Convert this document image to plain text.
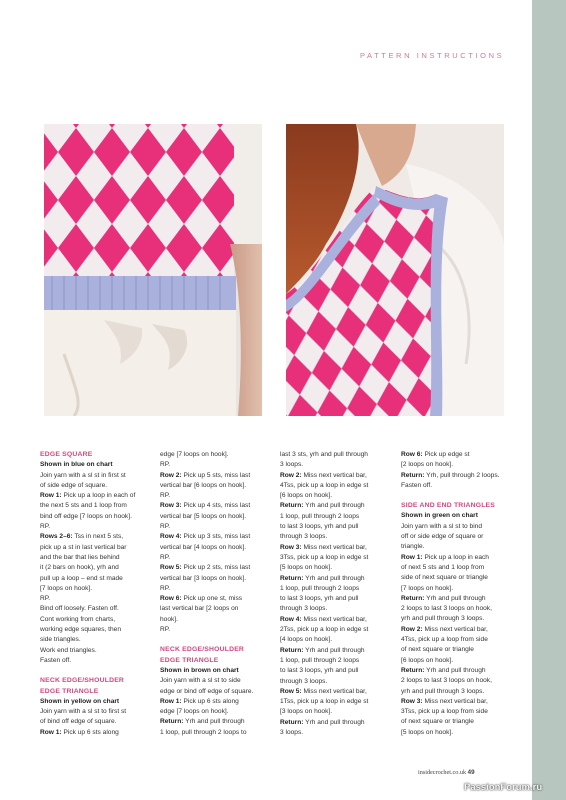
PATTERN INSTRUCTIONS

EDGE SQUARE

Shown in blue on chart

Join yarn with a sl st in first st

of side edge of square.

Row 1: Pick up a loop in each of

the next 5 sts and 1 loop from

bind off edge [7 loops on hook].

RP.

Rows 2–6: Tss in next 5 sts,

pick up a st in last vertical bar

and the bar that lies behind

it (2 bars on hook), yrh and

pull up a loop – end st made

[7 loops on hook].

RP.

Bind off loosely. Fasten off.

Cont working from charts,

working edge squares, then

side triangles.

Work end triangles.

Fasten off.

NECK EDGE/SHOULDER

EDGE TRIANGLE

Shown in yellow on chart

Join yarn with a sl st to first st

of bind off edge of square.

Row 1: Pick up 6 sts along

edge [7 loops on hook].

RP.

Row 2: Pick up 5 sts, miss last

vertical bar [6 loops on hook].

RP.

Row 3: Pick up 4 sts, miss last

vertical bar [5 loops on hook].

RP.

Row 4: Pick up 3 sts, miss last

vertical bar [4 loops on hook].

RP.

Row 5: Pick up 2 sts, miss last

vertical bar [3 loops on hook].

RP.

Row 6: Pick up one st, miss

last vertical bar [2 loops on

hook].

RP.

NECK EDGE/SHOULDER

EDGE TRIANGLE

Shown in brown on chart

Join yarn with a sl st to side

edge or bind off edge of square.

Row 1: Pick up 6 sts along

edge [7 loops on hook].

Return: Yrh and pull through

1 loop, pull through 2 loops to

last 3 sts, yrh and pull through

3 loops.

Row 2: Miss next vertical bar,

4Tss, pick up a loop in edge st

[6 loops on hook].

Return: Yrh and pull through

1 loop, pull through 2 loops

to last 3 loops, yrh and pull

through 3 loops.

Row 3: Miss next vertical bar,

3Tss, pick up a loop in edge st

[5 loops on hook].

Return: Yrh and pull through

1 loop, pull through 2 loops

to last 3 loops, yrh and pull

through 3 loops.

Row 4: Miss next vertical bar,

2Tss, pick up a loop in edge st

[4 loops on hook].

Return: Yrh and pull through

1 loop, pull through 2 loops

to last 3 loops, yrh and pull

through 3 loops.

Row 5: Miss next vertical bar,

1Tss, pick up a loop in edge st

[3 loops on hook].

Return: Yrh and pull through

3 loops.

Row 6: Pick up edge st

[2 loops on hook].

Return: Yrh, pull through 2 loops.

Fasten off.

SIDE AND END TRIANGLES

Shown in green on chart

Join yarn with a sl st to bind

off or side edge of square or

triangle.

Row 1: Pick up a loop in each

of next 5 sts and 1 loop from

side of next square or triangle

[7 loops on hook].

Return: Yrh and pull through

2 loops to last 3 loops on hook,

yrh and pull through 3 loops.

Row 2: Miss next vertical bar,

4Tss, pick up a loop from side

of next square or triangle

[6 loops on hook].

Return: Yrh and pull through

2 loops to last 3 loops on hook,

yrh and pull through 3 loops.

Row 3: Miss next vertical bar,

3Tss, pick up a loop from side

of next square or triangle

[5 loops on hook].

insidecrochet.co.uk 49
PassionForum.ru
